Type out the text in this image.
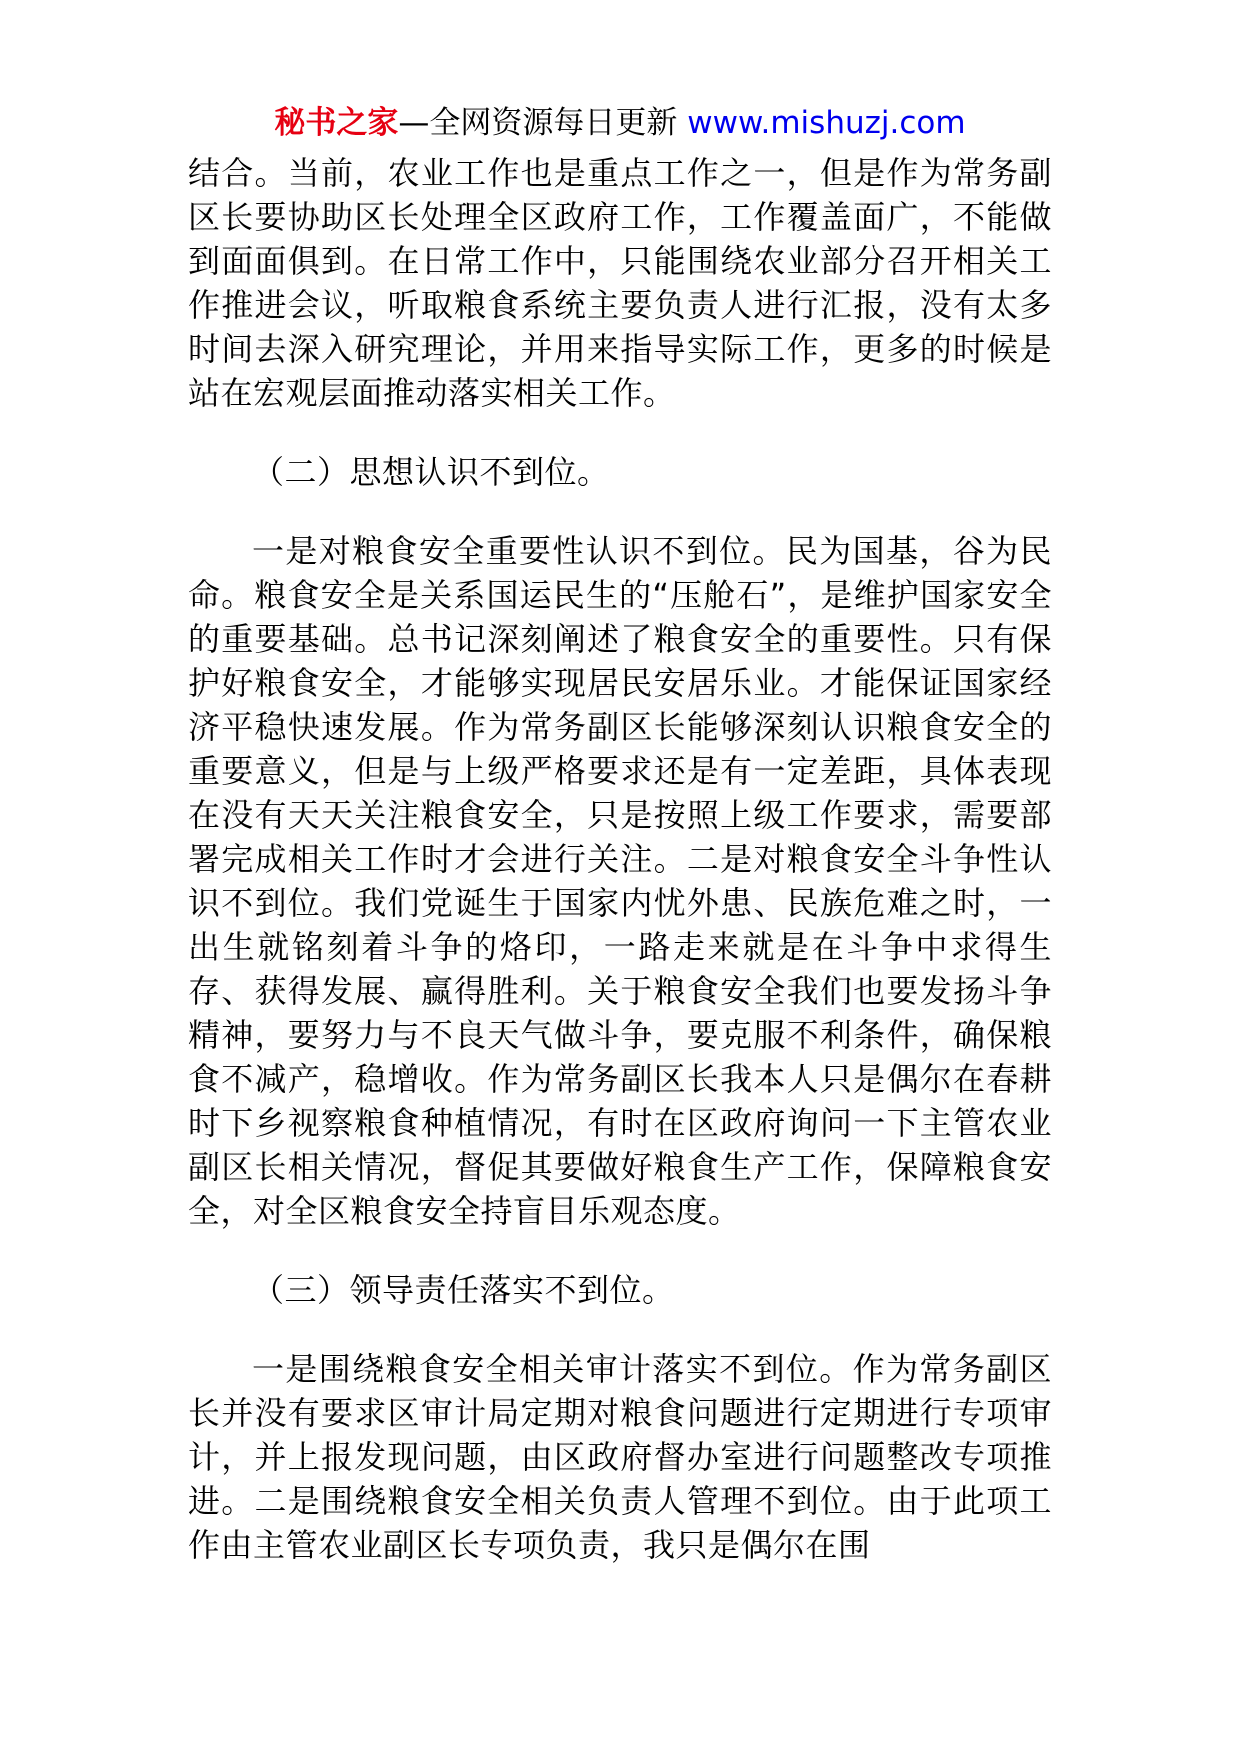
秘书之家—全网资源每日更新 www.mishuzj.com

结合。当前，农业工作也是重点工作之一，但是作为常务副区长要协助区长处理全区政府工作，工作覆盖面广，不能做到面面俱到。在日常工作中，只能围绕农业部分召开相关工作推进会议，听取粮食系统主要负责人进行汇报，没有太多时间去深入研究理论，并用来指导实际工作，更多的时候是站在宏观层面推动落实相关工作。

（二）思想认识不到位。

一是对粮食安全重要性认识不到位。民为国基，谷为民命。粮食安全是关系国运民生的“压舱石”，是维护国家安全的重要基础。总书记深刻阐述了粮食安全的重要性。只有保护好粮食安全，才能够实现居民安居乐业。才能保证国家经济平稳快速发展。作为常务副区长能够深刻认识粮食安全的重要意义，但是与上级严格要求还是有一定差距，具体表现在没有天天关注粮食安全，只是按照上级工作要求，需要部署完成相关工作时才会进行关注。二是对粮食安全斗争性认识不到位。我们党诞生于国家内忧外患、民族危难之时，一出生就铭刻着斗争的烙印，一路走来就是在斗争中求得生存、获得发展、赢得胜利。关于粮食安全我们也要发扬斗争精神，要努力与不良天气做斗争，要克服不利条件，确保粮食不减产，稳增收。作为常务副区长我本人只是偶尔在春耕时下乡视察粮食种植情况，有时在区政府询问一下主管农业副区长相关情况，督促其要做好粮食生产工作，保障粮食安全，对全区粮食安全持盲目乐观态度。

（三）领导责任落实不到位。

一是围绕粮食安全相关审计落实不到位。作为常务副区长并没有要求区审计局定期对粮食问题进行定期进行专项审计，并上报发现问题，由区政府督办室进行问题整改专项推进。二是围绕粮食安全相关负责人管理不到位。由于此项工作由主管农业副区长专项负责，我只是偶尔在围
